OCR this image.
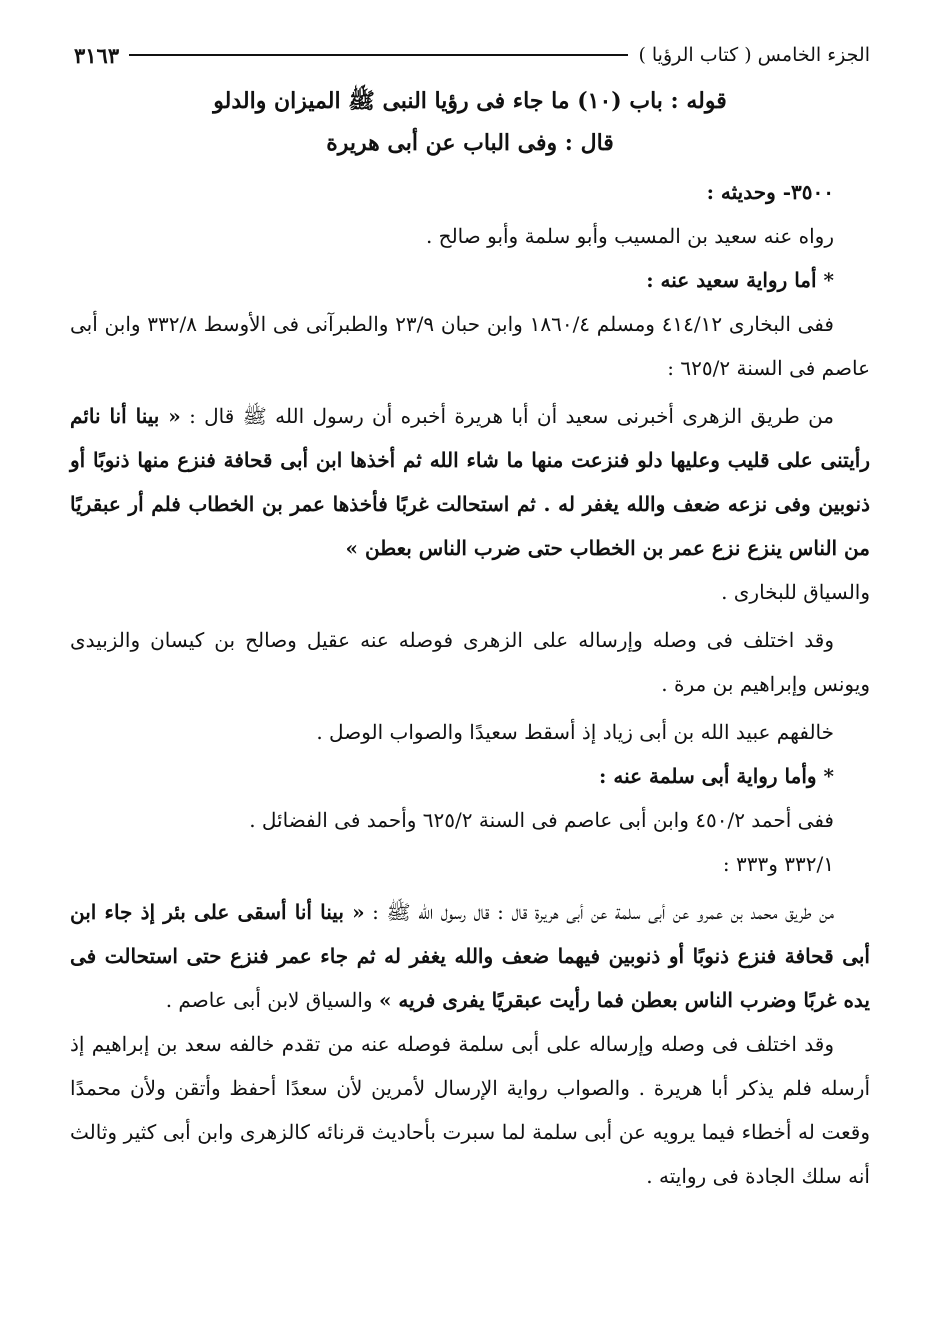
الجزء الخامس ( كتاب الرؤيا )
٣١٦٣
قوله : باب (١٠) ما جاء فى رؤيا النبى ﷺ الميزان والدلو
قال : وفى الباب عن أبى هريرة

٣٥٠٠- وحديثه :

رواه عنه سعيد بن المسيب وأبو سلمة وأبو صالح .

* أما رواية سعيد عنه :

ففى البخارى ٤١٤/١٢ ومسلم ١٨٦٠/٤ وابن حبان ٢٣/٩ والطبرآنى فى الأوسط ٣٣٢/٨ وابن أبى عاصم فى السنة ٦٢٥/٢ :

من طريق الزهرى أخبرنى سعيد أن أبا هريرة أخبره أن رسول الله ﷺ قال : « بينا أنا نائم رأيتنى على قليب وعليها دلو فنزعت منها ما شاء الله ثم أخذها ابن أبى قحافة فنزع منها ذنوبًا أو ذنوبين وفى نزعه ضعف والله يغفر له . ثم استحالت غربًا فأخذها عمر بن الخطاب فلم أر عبقريًا من الناس ينزع نزع عمر بن الخطاب حتى ضرب الناس بعطن »

والسياق للبخارى .

وقد اختلف فى وصله وإرساله على الزهرى فوصله عنه عقيل وصالح بن كيسان والزبيدى ويونس وإبراهيم بن مرة .

خالفهم عبيد الله بن أبى زياد إذ أسقط سعيدًا والصواب الوصل .

* وأما رواية أبى سلمة عنه :

ففى أحمد ٤٥٠/٢ وابن أبى عاصم فى السنة ٦٢٥/٢ وأحمد فى الفضائل .

٣٣٢/١ و٣٣٣ :

من طريق محمد بن عمرو عن أبى سلمة عن أبى هريرة قال : قال رسول الله ﷺ : « بينا أنا أسقى على بئر إذ جاء ابن أبى قحافة فنزع ذنوبًا أو ذنوبين فيهما ضعف والله يغفر له ثم جاء عمر فنزع حتى استحالت فى يده غربًا وضرب الناس بعطن فما رأيت عبقريًا يفرى فريه » والسياق لابن أبى عاصم .

وقد اختلف فى وصله وإرساله على أبى سلمة فوصله عنه من تقدم خالفه سعد بن إبراهيم إذ أرسله فلم يذكر أبا هريرة . والصواب رواية الإرسال لأمرين لأن سعدًا أحفظ وأتقن ولأن محمدًا وقعت له أخطاء فيما يرويه عن أبى سلمة لما سبرت بأحاديث قرنائه كالزهرى وابن أبى كثير وثالث أنه سلك الجادة فى روايته .
